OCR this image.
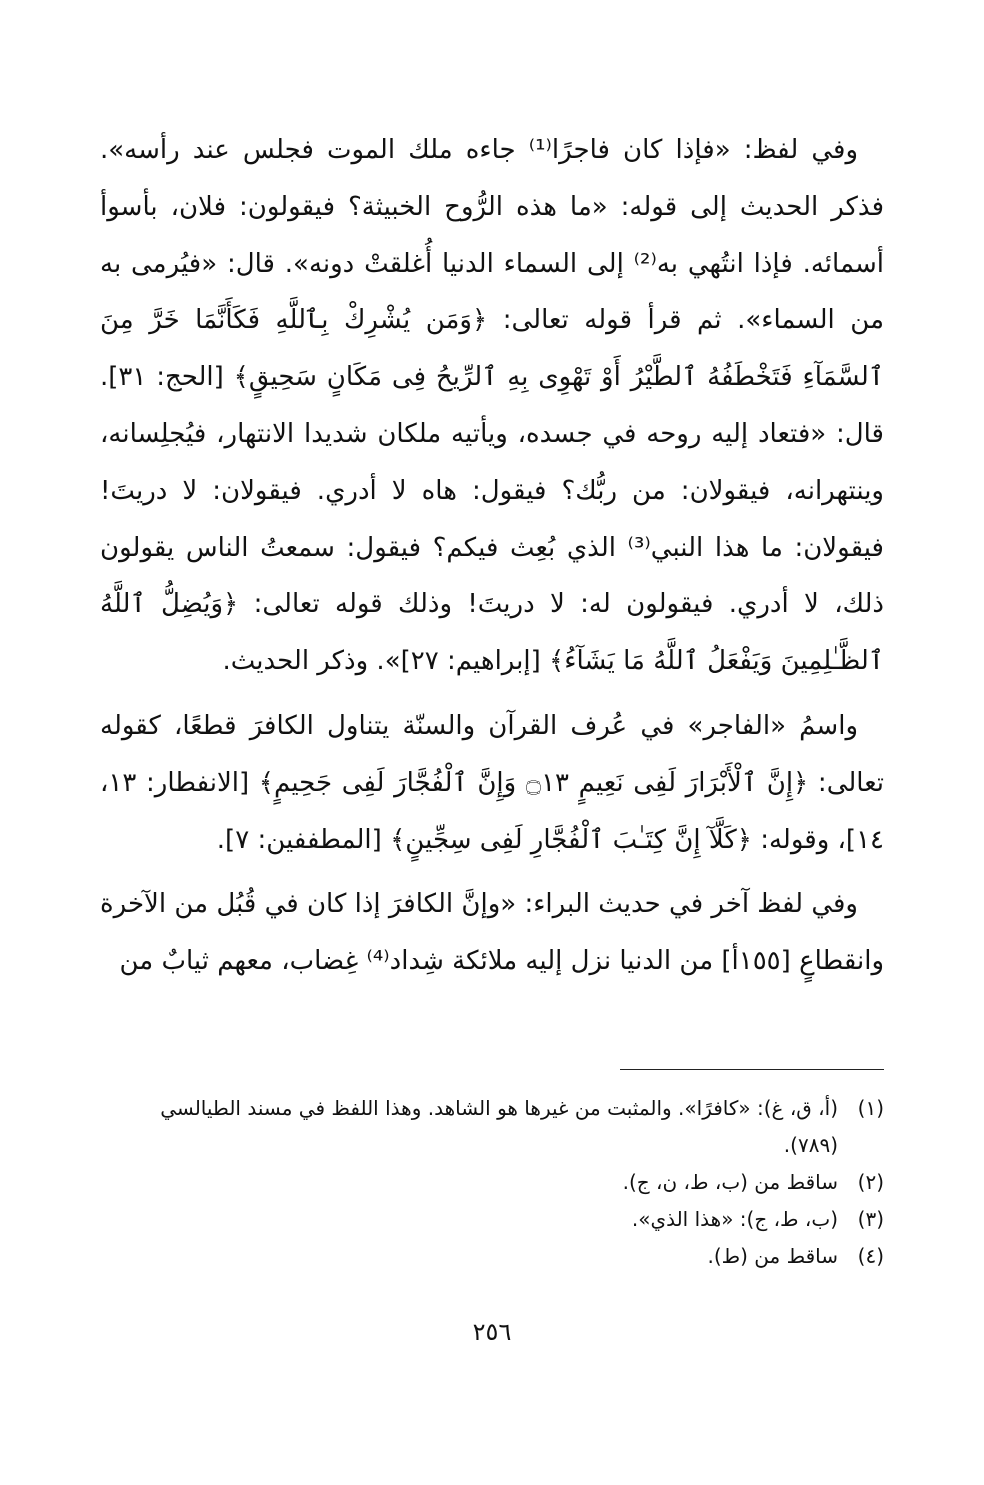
وفي لفظ: «فإذا كان فاجرًا⁽¹⁾ جاءه ملك الموت فجلس عند رأسه». فذكر الحديث إلى قوله: «ما هذه الرُّوح الخبيثة؟ فيقولون: فلان، بأسوأ أسمائه. فإذا انتُهي به⁽²⁾ إلى السماء الدنيا أُغلقتْ دونه». قال: «فيُرمى به من السماء». ثم قرأ قوله تعالى: ﴿وَمَن يُشْرِكْ بِٱللَّهِ فَكَأَنَّمَا خَرَّ مِنَ ٱلسَّمَآءِ فَتَخْطَفُهُ ٱلطَّيْرُ أَوْ تَهْوِى بِهِ ٱلرِّيحُ فِى مَكَانٍ سَحِيقٍ﴾ [الحج: ٣١]. قال: «فتعاد إليه روحه في جسده، ويأتيه ملكان شديدا الانتهار، فيُجلِسانه، وينتهرانه، فيقولان: من ربُّك؟ فيقول: هاه لا أدري. فيقولان: لا دريتَ! فيقولان: ما هذا النبي⁽³⁾ الذي بُعِث فيكم؟ فيقول: سمعتُ الناس يقولون ذلك، لا أدري. فيقولون له: لا دريتَ! وذلك قوله تعالى: ﴿وَيُضِلُّ ٱللَّهُ ٱلظَّـٰلِمِينَ وَيَفْعَلُ ٱللَّهُ مَا يَشَآءُ﴾ [إبراهيم: ٢٧]». وذكر الحديث.

واسمُ «الفاجر» في عُرف القرآن والسنّة يتناول الكافرَ قطعًا، كقوله تعالى: ﴿إِنَّ ٱلْأَبْرَارَ لَفِى نَعِيمٍ ۝١٣ وَإِنَّ ٱلْفُجَّارَ لَفِى جَحِيمٍ﴾ [الانفطار: ١٣، ١٤]، وقوله: ﴿كَلَّآ إِنَّ كِتَـٰبَ ٱلْفُجَّارِ لَفِى سِجِّينٍ﴾ [المطففين: ٧].

وفي لفظ آخر في حديث البراء: «وإنَّ الكافرَ إذا كان في قُبُل من الآخرة وانقطاعٍ [١٥٥أ] من الدنيا نزل إليه ملائكة شِداد⁽⁴⁾ غِضاب، معهم ثيابٌ من

(١)
(أ، ق، غ): «كافرًا». والمثبت من غيرها هو الشاهد. وهذا اللفظ في مسند الطيالسي (٧٨٩).
(٢)
ساقط من (ب، ط، ن، ج).
(٣)
(ب، ط، ج): «هذا الذي».
(٤)
ساقط من (ط).
٢٥٦
